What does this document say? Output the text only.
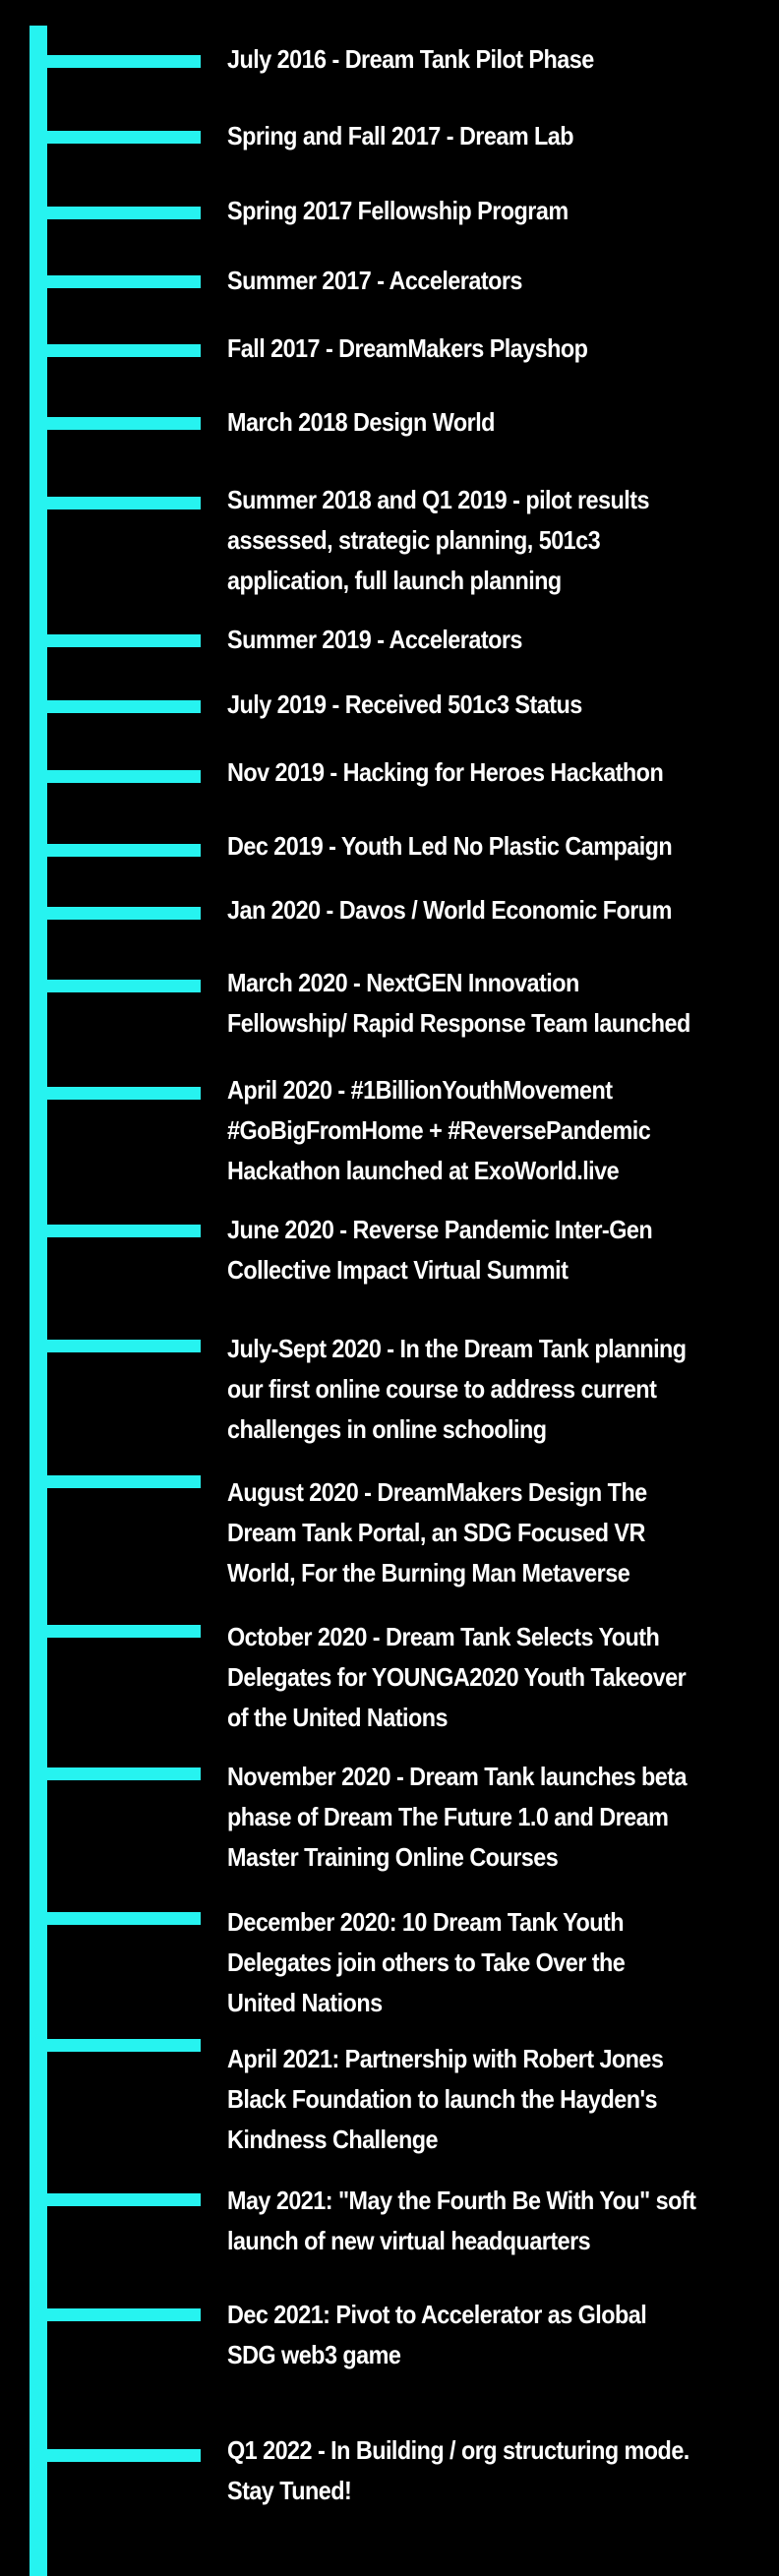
July 2016 - Dream Tank Pilot Phase
Spring and Fall 2017 - Dream Lab
Spring 2017 Fellowship Program
Summer 2017 - Accelerators
Fall 2017 - DreamMakers Playshop
March 2018 Design World
Summer 2018 and Q1 2019 - pilot results assessed, strategic planning, 501c3 application, full launch planning
Summer 2019 - Accelerators
July 2019 - Received 501c3 Status
Nov 2019 - Hacking for Heroes Hackathon
Dec 2019 - Youth Led No Plastic Campaign
Jan 2020 - Davos / World Economic Forum
March 2020 - NextGEN Innovation Fellowship/ Rapid Response Team launched
April 2020 - #1BillionYouthMovement #GoBigFromHome + #ReversePandemic Hackathon launched at ExoWorld.live
June 2020 - Reverse Pandemic Inter-Gen Collective Impact Virtual Summit
July-Sept 2020 - In the Dream Tank planning our first online course to address current challenges in online schooling
August 2020 - DreamMakers Design The Dream Tank Portal, an SDG Focused VR World, For the Burning Man Metaverse
October 2020 - Dream Tank Selects Youth Delegates for YOUNGA2020 Youth Takeover of the United Nations
November 2020 - Dream Tank launches beta phase of Dream The Future 1.0 and Dream Master Training Online Courses
December 2020: 10 Dream Tank Youth Delegates join others to Take Over the United Nations
April 2021: Partnership with Robert Jones Black Foundation to launch the Hayden's Kindness Challenge
May 2021: "May the Fourth Be With You" soft launch of new virtual headquarters
Dec 2021: Pivot to Accelerator as Global SDG web3 game
Q1 2022 - In Building / org structuring mode. Stay Tuned!
